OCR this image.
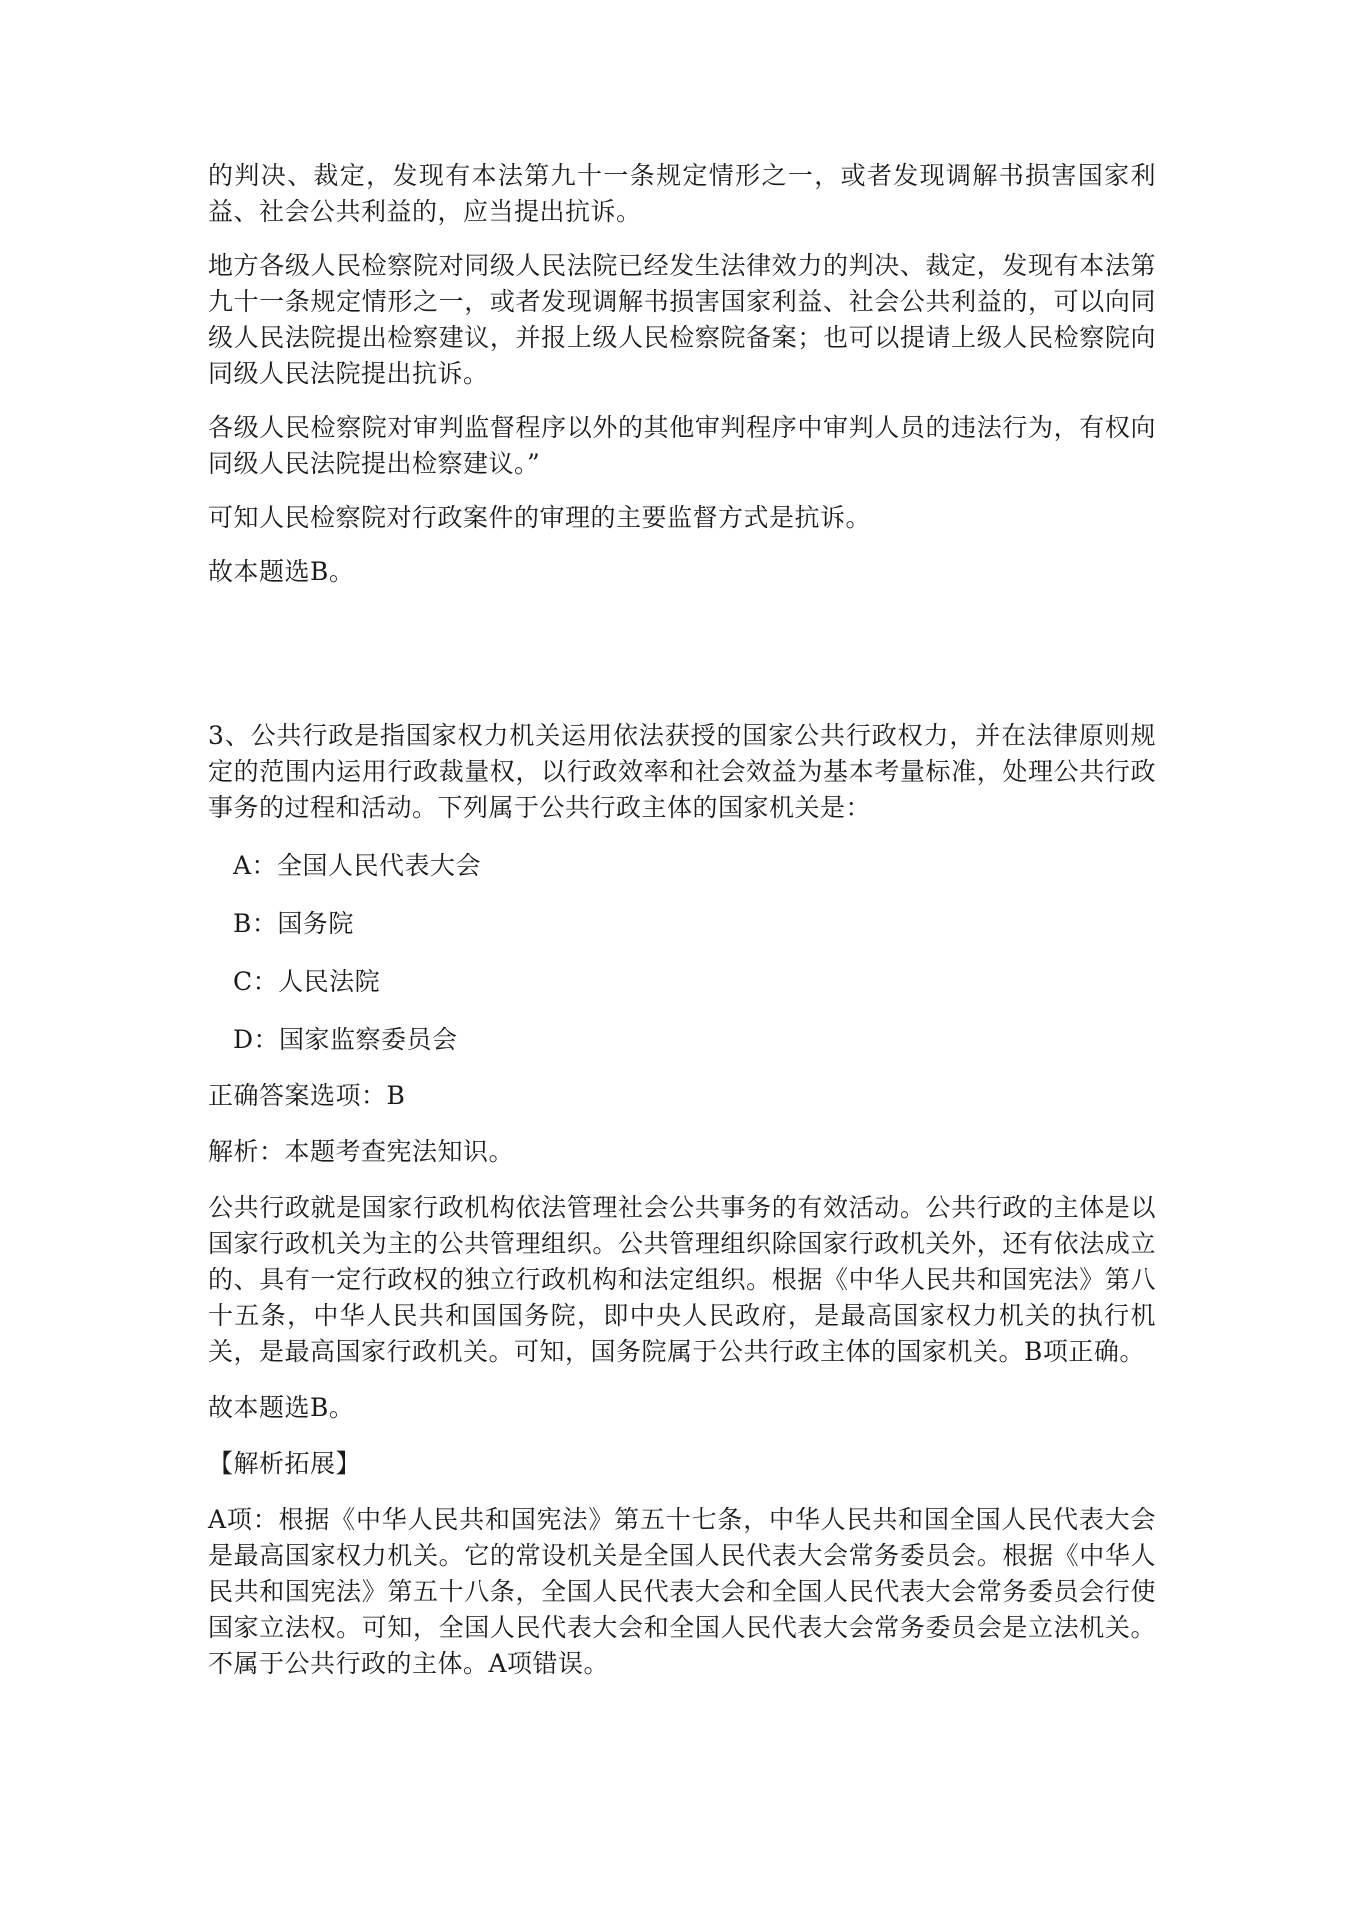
的判决、裁定，发现有本法第九十一条规定情形之一，或者发现调解书损害国家利益、社会公共利益的，应当提出抗诉。

地方各级人民检察院对同级人民法院已经发生法律效力的判决、裁定，发现有本法第九十一条规定情形之一，或者发现调解书损害国家利益、社会公共利益的，可以向同级人民法院提出检察建议，并报上级人民检察院备案；也可以提请上级人民检察院向同级人民法院提出抗诉。

各级人民检察院对审判监督程序以外的其他审判程序中审判人员的违法行为，有权向同级人民法院提出检察建议。”

可知人民检察院对行政案件的审理的主要监督方式是抗诉。

故本题选B。

3、公共行政是指国家权力机关运用依法获授的国家公共行政权力，并在法律原则规定的范围内运用行政裁量权，以行政效率和社会效益为基本考量标准，处理公共行政事务的过程和活动。下列属于公共行政主体的国家机关是：

A：全国人民代表大会

B：国务院

C：人民法院

D：国家监察委员会

正确答案选项：B

解析：本题考查宪法知识。

公共行政就是国家行政机构依法管理社会公共事务的有效活动。公共行政的主体是以国家行政机关为主的公共管理组织。公共管理组织除国家行政机关外，还有依法成立的、具有一定行政权的独立行政机构和法定组织。根据《中华人民共和国宪法》第八十五条，中华人民共和国国务院，即中央人民政府，是最高国家权力机关的执行机关，是最高国家行政机关。可知，国务院属于公共行政主体的国家机关。B项正确。

故本题选B。

【解析拓展】

A项：根据《中华人民共和国宪法》第五十七条，中华人民共和国全国人民代表大会是最高国家权力机关。它的常设机关是全国人民代表大会常务委员会。根据《中华人民共和国宪法》第五十八条，全国人民代表大会和全国人民代表大会常务委员会行使国家立法权。可知，全国人民代表大会和全国人民代表大会常务委员会是立法机关。不属于公共行政的主体。A项错误。
